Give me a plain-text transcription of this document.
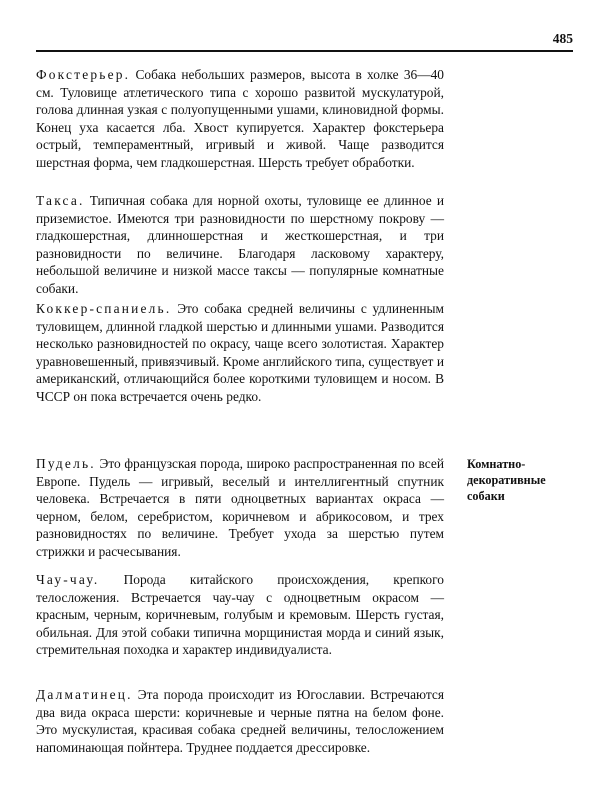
485
Фокстерьер. Собака небольших размеров, высота в холке 36—40 см. Туловище атлетического типа с хорошо развитой мускулатурой, голова длинная узкая с полуопущенными ушами, клиновидной формы. Конец уха касается лба. Хвост купируется. Характер фокстерьера острый, темпераментный, игривый и живой. Чаще разводится шерстная форма, чем гладкошерстная. Шерсть требует обработки.
Такса. Типичная собака для норной охоты, туловище ее длинное и приземистое. Имеются три разновидности по шерстному покрову — гладкошерстная, длинношерстная и жесткошерстная, и три разновидности по величине. Благодаря ласковому характеру, небольшой величине и низкой массе таксы — популярные комнатные собаки.
Коккер-спаниель. Это собака средней величины с удлиненным туловищем, длинной гладкой шерстью и длинными ушами. Разводится несколько разновидностей по окрасу, чаще всего золотистая. Характер уравновешенный, привязчивый. Кроме английского типа, существует и американский, отличающийся более короткими туловищем и носом. В ЧССР он пока встречается очень редко.
Пудель. Это французская порода, широко распространенная по всей Европе. Пудель — игривый, веселый и интеллигентный спутник человека. Встречается в пяти одноцветных вариантах окраса — черном, белом, серебристом, коричневом и абрикосовом, и трех разновидностях по величине. Требует ухода за шерстью путем стрижки и расчесывания.
Комнатно-декоративные собаки
Чау-чау. Порода китайского происхождения, крепкого телосложения. Встречается чау-чау с одноцветным окрасом — красным, черным, коричневым, голубым и кремовым. Шерсть густая, обильная. Для этой собаки типична морщинистая морда и синий язык, стремительная походка и характер индивидуалиста.
Далматинец. Эта порода происходит из Югославии. Встречаются два вида окраса шерсти: коричневые и черные пятна на белом фоне. Это мускулистая, красивая собака средней величины, телосложением напоминающая пойнтера. Труднее поддается дрессировке.
